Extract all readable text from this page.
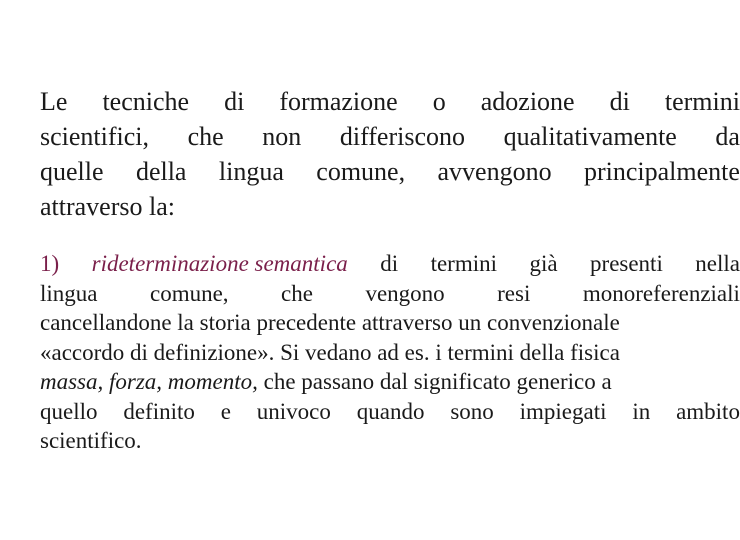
Le tecniche di formazione o adozione di termini
scientifici, che non differiscono qualitativamente da
quelle della lingua comune, avvengono principalmente
attraverso la:
1) rideterminazione semantica di termini già presenti nella
lingua comune, che vengono resi monoreferenziali
cancellandone la storia precedente attraverso un convenzionale
«accordo di definizione». Si vedano ad es. i termini della fisica
massa, forza, momento, che passano dal significato generico a
quello definito e univoco quando sono impiegati in ambito
scientifico.
